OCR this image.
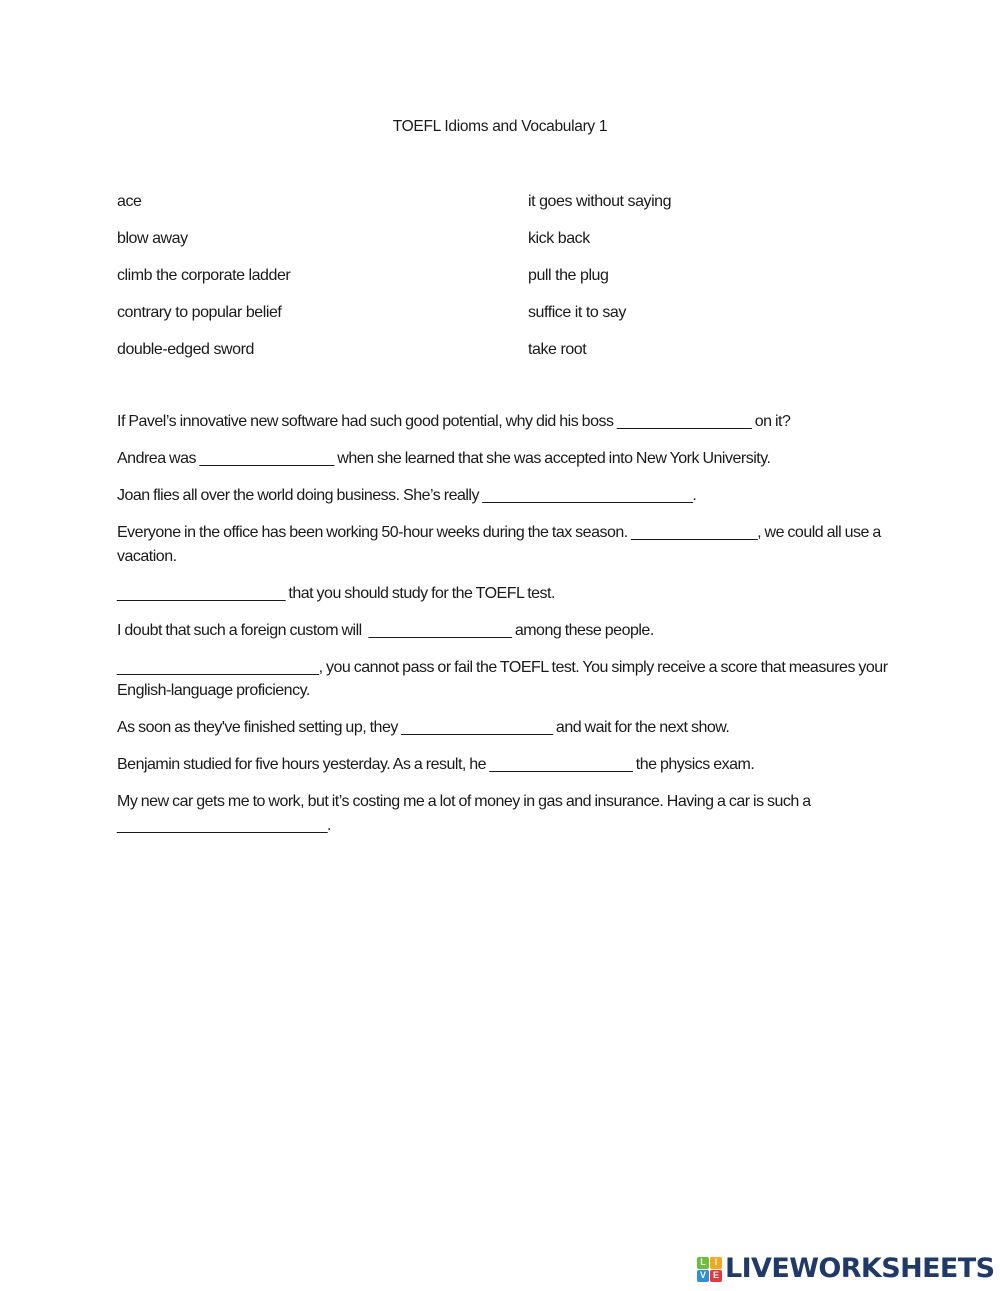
TOEFL Idioms and Vocabulary 1
ace
blow away
climb the corporate ladder
contrary to popular belief
double-edged sword
it goes without saying
kick back
pull the plug
suffice it to say
take root
If Pavel’s innovative new software had such good potential, why did his boss ________________ on it?
Andrea was ________________ when she learned that she was accepted into New York University.
Joan flies all over the world doing business. She’s really _________________________.
Everyone in the office has been working 50-hour weeks during the tax season. _______________, we could all use a vacation.
____________________ that you should study for the TOEFL test.
I doubt that such a foreign custom will  _________________ among these people.
________________________, you cannot pass or fail the TOEFL test. You simply receive a score that measures your English-language proficiency.
As soon as they've finished setting up, they __________________ and wait for the next show.
Benjamin studied for five hours yesterday. As a result, he _________________ the physics exam.
My new car gets me to work, but it’s costing me a lot of money in gas and insurance. Having a car is such a _________________________.
L I
V E LIVEWORKSHEETS
